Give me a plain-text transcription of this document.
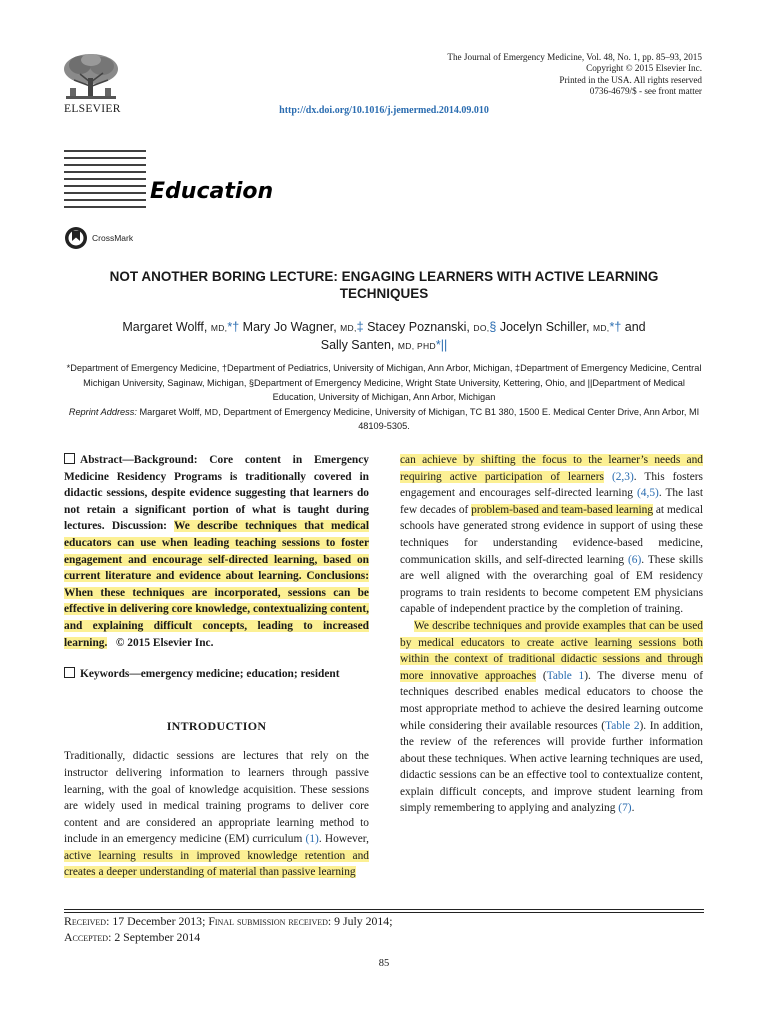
ELSEVIER
The Journal of Emergency Medicine, Vol. 48, No. 1, pp. 85–93, 2015
Copyright © 2015 Elsevier Inc.
Printed in the USA. All rights reserved
0736-4679/$ - see front matter
http://dx.doi.org/10.1016/j.jemermed.2014.09.010
Education
CrossMark
NOT ANOTHER BORING LECTURE: ENGAGING LEARNERS WITH ACTIVE LEARNING TECHNIQUES
Margaret Wolff, MD,*† Mary Jo Wagner, MD,‡ Stacey Poznanski, DO,§ Jocelyn Schiller, MD,*† and
Sally Santen, MD, PHD*||
*Department of Emergency Medicine, †Department of Pediatrics, University of Michigan, Ann Arbor, Michigan, ‡Department of Emergency Medicine, Central Michigan University, Saginaw, Michigan, §Department of Emergency Medicine, Wright State University, Kettering, Ohio, and ||Department of Medical Education, University of Michigan, Ann Arbor, Michigan
Reprint Address: Margaret Wolff, MD, Department of Emergency Medicine, University of Michigan, TC B1 380, 1500 E. Medical Center Drive, Ann Arbor, MI 48109-5305.

Abstract—Background: Core content in Emergency Medicine Residency Programs is traditionally covered in didactic sessions, despite evidence suggesting that learners do not retain a significant portion of what is taught during lectures. Discussion: We describe techniques that medical educators can use when leading teaching sessions to foster engagement and encourage self-directed learning, based on current literature and evidence about learning. Conclusions: When these techniques are incorporated, sessions can be effective in delivering core knowledge, contextualizing content, and explaining difficult concepts, leading to increased learning. © 2015 Elsevier Inc.

Keywords—emergency medicine; education; resident

INTRODUCTION

Traditionally, didactic sessions are lectures that rely on the instructor delivering information to learners through passive learning, with the goal of knowledge acquisition. These sessions are widely used in medical training programs to deliver core content and are considered an appropriate learning method to include in an emergency medicine (EM) curriculum (1). However, active learning results in improved knowledge retention and creates a deeper understanding of material than passive learning

can achieve by shifting the focus to the learner’s needs and requiring active participation of learners (2,3). This fosters engagement and encourages self-directed learning (4,5). The last few decades of problem-based and team-based learning at medical schools have generated strong evidence in support of using these techniques for understanding evidence-based medicine, communication skills, and self-directed learning (6). These skills are well aligned with the overarching goal of EM residency programs to train residents to become competent EM physicians capable of independent practice by the completion of training.

We describe techniques and provide examples that can be used by medical educators to create active learning sessions both within the context of traditional didactic sessions and through more innovative approaches (Table 1). The diverse menu of techniques described enables medical educators to choose the most appropriate method to achieve the desired learning outcome while considering their available resources (Table 2). In addition, the review of the references will provide further information about these techniques. When active learning techniques are used, didactic sessions can be an effective tool to contextualize content, explain difficult concepts, and improve student learning from simply remembering to applying and analyzing (7).

Received: 17 December 2013; Final submission received: 9 July 2014;
Accepted: 2 September 2014
85
